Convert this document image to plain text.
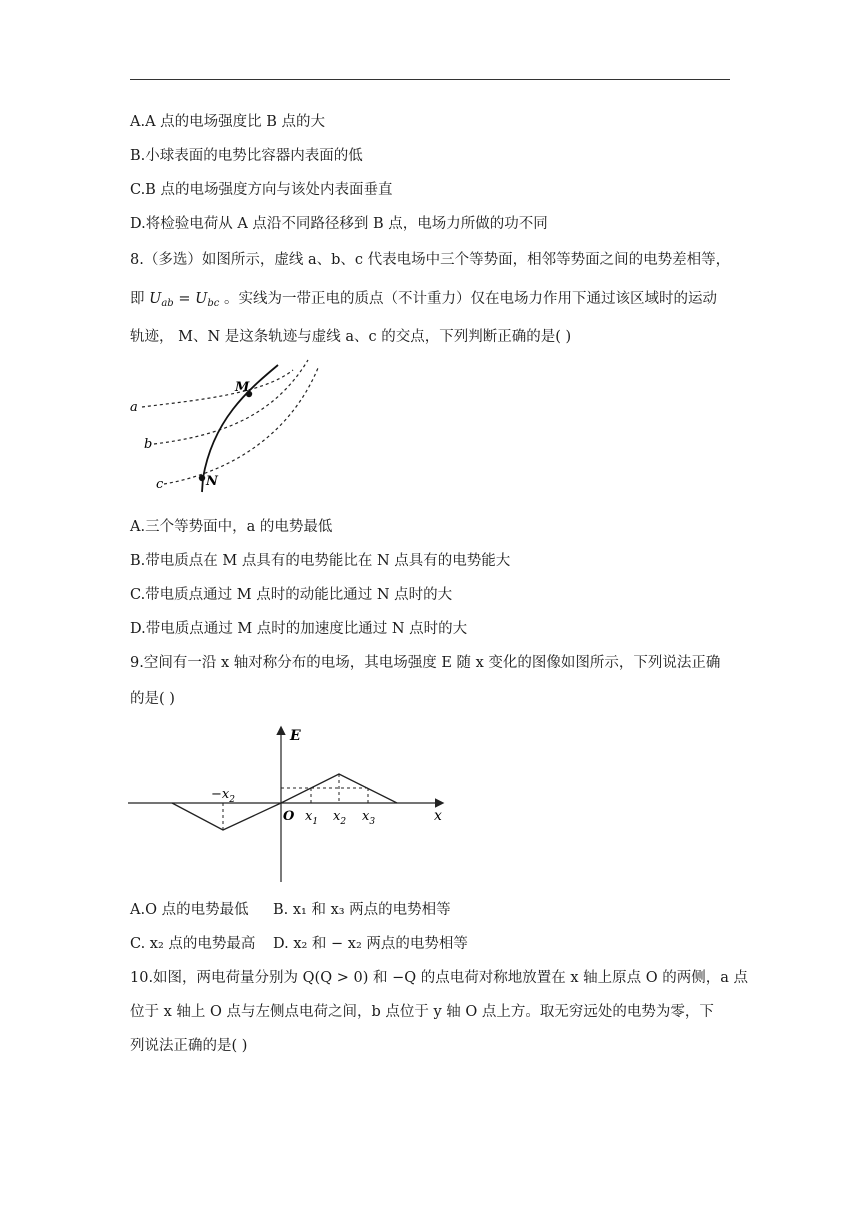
A.A 点的电场强度比 B 点的大
B.小球表面的电势比容器内表面的低
C.B 点的电场强度方向与该处内表面垂直
D.将检验电荷从 A 点沿不同路径移到 B 点，电场力所做的功不同
8.（多选）如图所示，虚线 a、b、c 代表电场中三个等势面，相邻等势面之间的电势差相等，
即 $U_{ab} = U_{bc}$ 。实线为一带正电的质点（不计重力）仅在电场力作用下通过该区域时的运动
轨迹， M、N 是这条轨迹与虚线 a、c 的交点，下列判断正确的是( )
a
b
c
M
N
A.三个等势面中，a 的电势最低
B.带电质点在 M 点具有的电势能比在 N 点具有的电势能大
C.带电质点通过 M 点时的动能比通过 N 点时的大
D.带电质点通过 M 点时的加速度比通过 N 点时的大
9.空间有一沿 x 轴对称分布的电场，其电场强度 E 随 x 变化的图像如图所示，下列说法正确
的是( )
E
x
O
$-x_2$
$x_1$ $x_2$ $x_3$
A.O 点的电势最低 B. x₁ 和 x₃ 两点的电势相等
C. x₂ 点的电势最高 D. x₂ 和 − x₂ 两点的电势相等
10.如图，两电荷量分别为 Q(Q > 0) 和 −Q 的点电荷对称地放置在 x 轴上原点 O 的两侧，a 点
位于 x 轴上 O 点与左侧点电荷之间，b 点位于 y 轴 O 点上方。取无穷远处的电势为零，下
列说法正确的是( )
